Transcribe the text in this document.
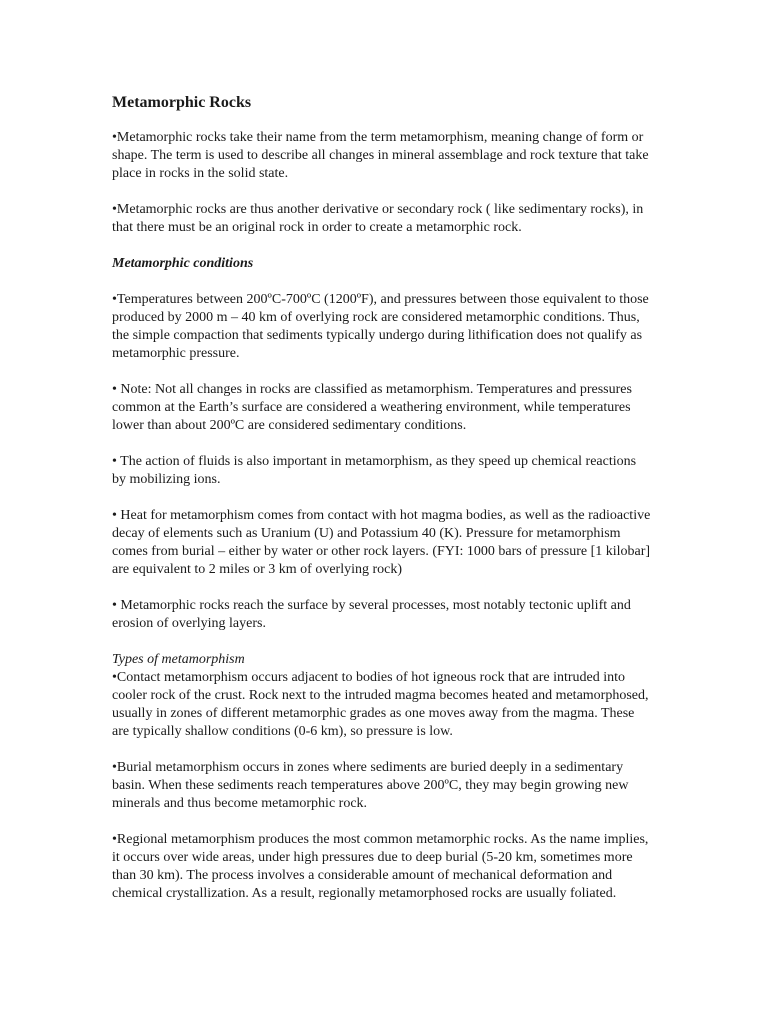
Metamorphic Rocks

•Metamorphic rocks take their name from the term metamorphism, meaning change of form or shape. The term is used to describe all changes in mineral assemblage and rock texture that take place in rocks in the solid state.

•Metamorphic rocks are thus another derivative or secondary rock ( like sedimentary rocks), in that there must be an original rock in order to create a metamorphic rock.

Metamorphic conditions

•Temperatures between 200ºC-700ºC (1200ºF), and pressures between those equivalent to those produced by 2000 m – 40 km of overlying rock are considered metamorphic conditions. Thus, the simple compaction that sediments typically undergo during lithification does not qualify as metamorphic pressure.

• Note: Not all changes in rocks are classified as metamorphism. Temperatures and pressures common at the Earth’s surface are considered a weathering environment, while temperatures lower than about 200ºC are considered sedimentary conditions.

• The action of fluids is also important in metamorphism, as they speed up chemical reactions by mobilizing ions.

• Heat for metamorphism comes from contact with hot magma bodies, as well as the radioactive decay of elements such as Uranium (U) and Potassium 40 (K). Pressure for metamorphism comes from burial – either by water or other rock layers. (FYI: 1000 bars of pressure [1 kilobar] are equivalent to 2 miles or 3 km of overlying rock)

• Metamorphic rocks reach the surface by several processes, most notably tectonic uplift and erosion of overlying layers.

Types of metamorphism

•Contact metamorphism occurs adjacent to bodies of hot igneous rock that are intruded into cooler rock of the crust. Rock next to the intruded magma becomes heated and metamorphosed, usually in zones of different metamorphic grades as one moves away from the magma. These are typically shallow conditions (0-6 km), so pressure is low.

•Burial metamorphism occurs in zones where sediments are buried deeply in a sedimentary basin. When these sediments reach temperatures above 200ºC, they may begin growing new minerals and thus become metamorphic rock.

•Regional metamorphism produces the most common metamorphic rocks. As the name implies, it occurs over wide areas, under high pressures due to deep burial (5-20 km, sometimes more than 30 km). The process involves a considerable amount of mechanical deformation and chemical crystallization. As a result, regionally metamorphosed rocks are usually foliated.
